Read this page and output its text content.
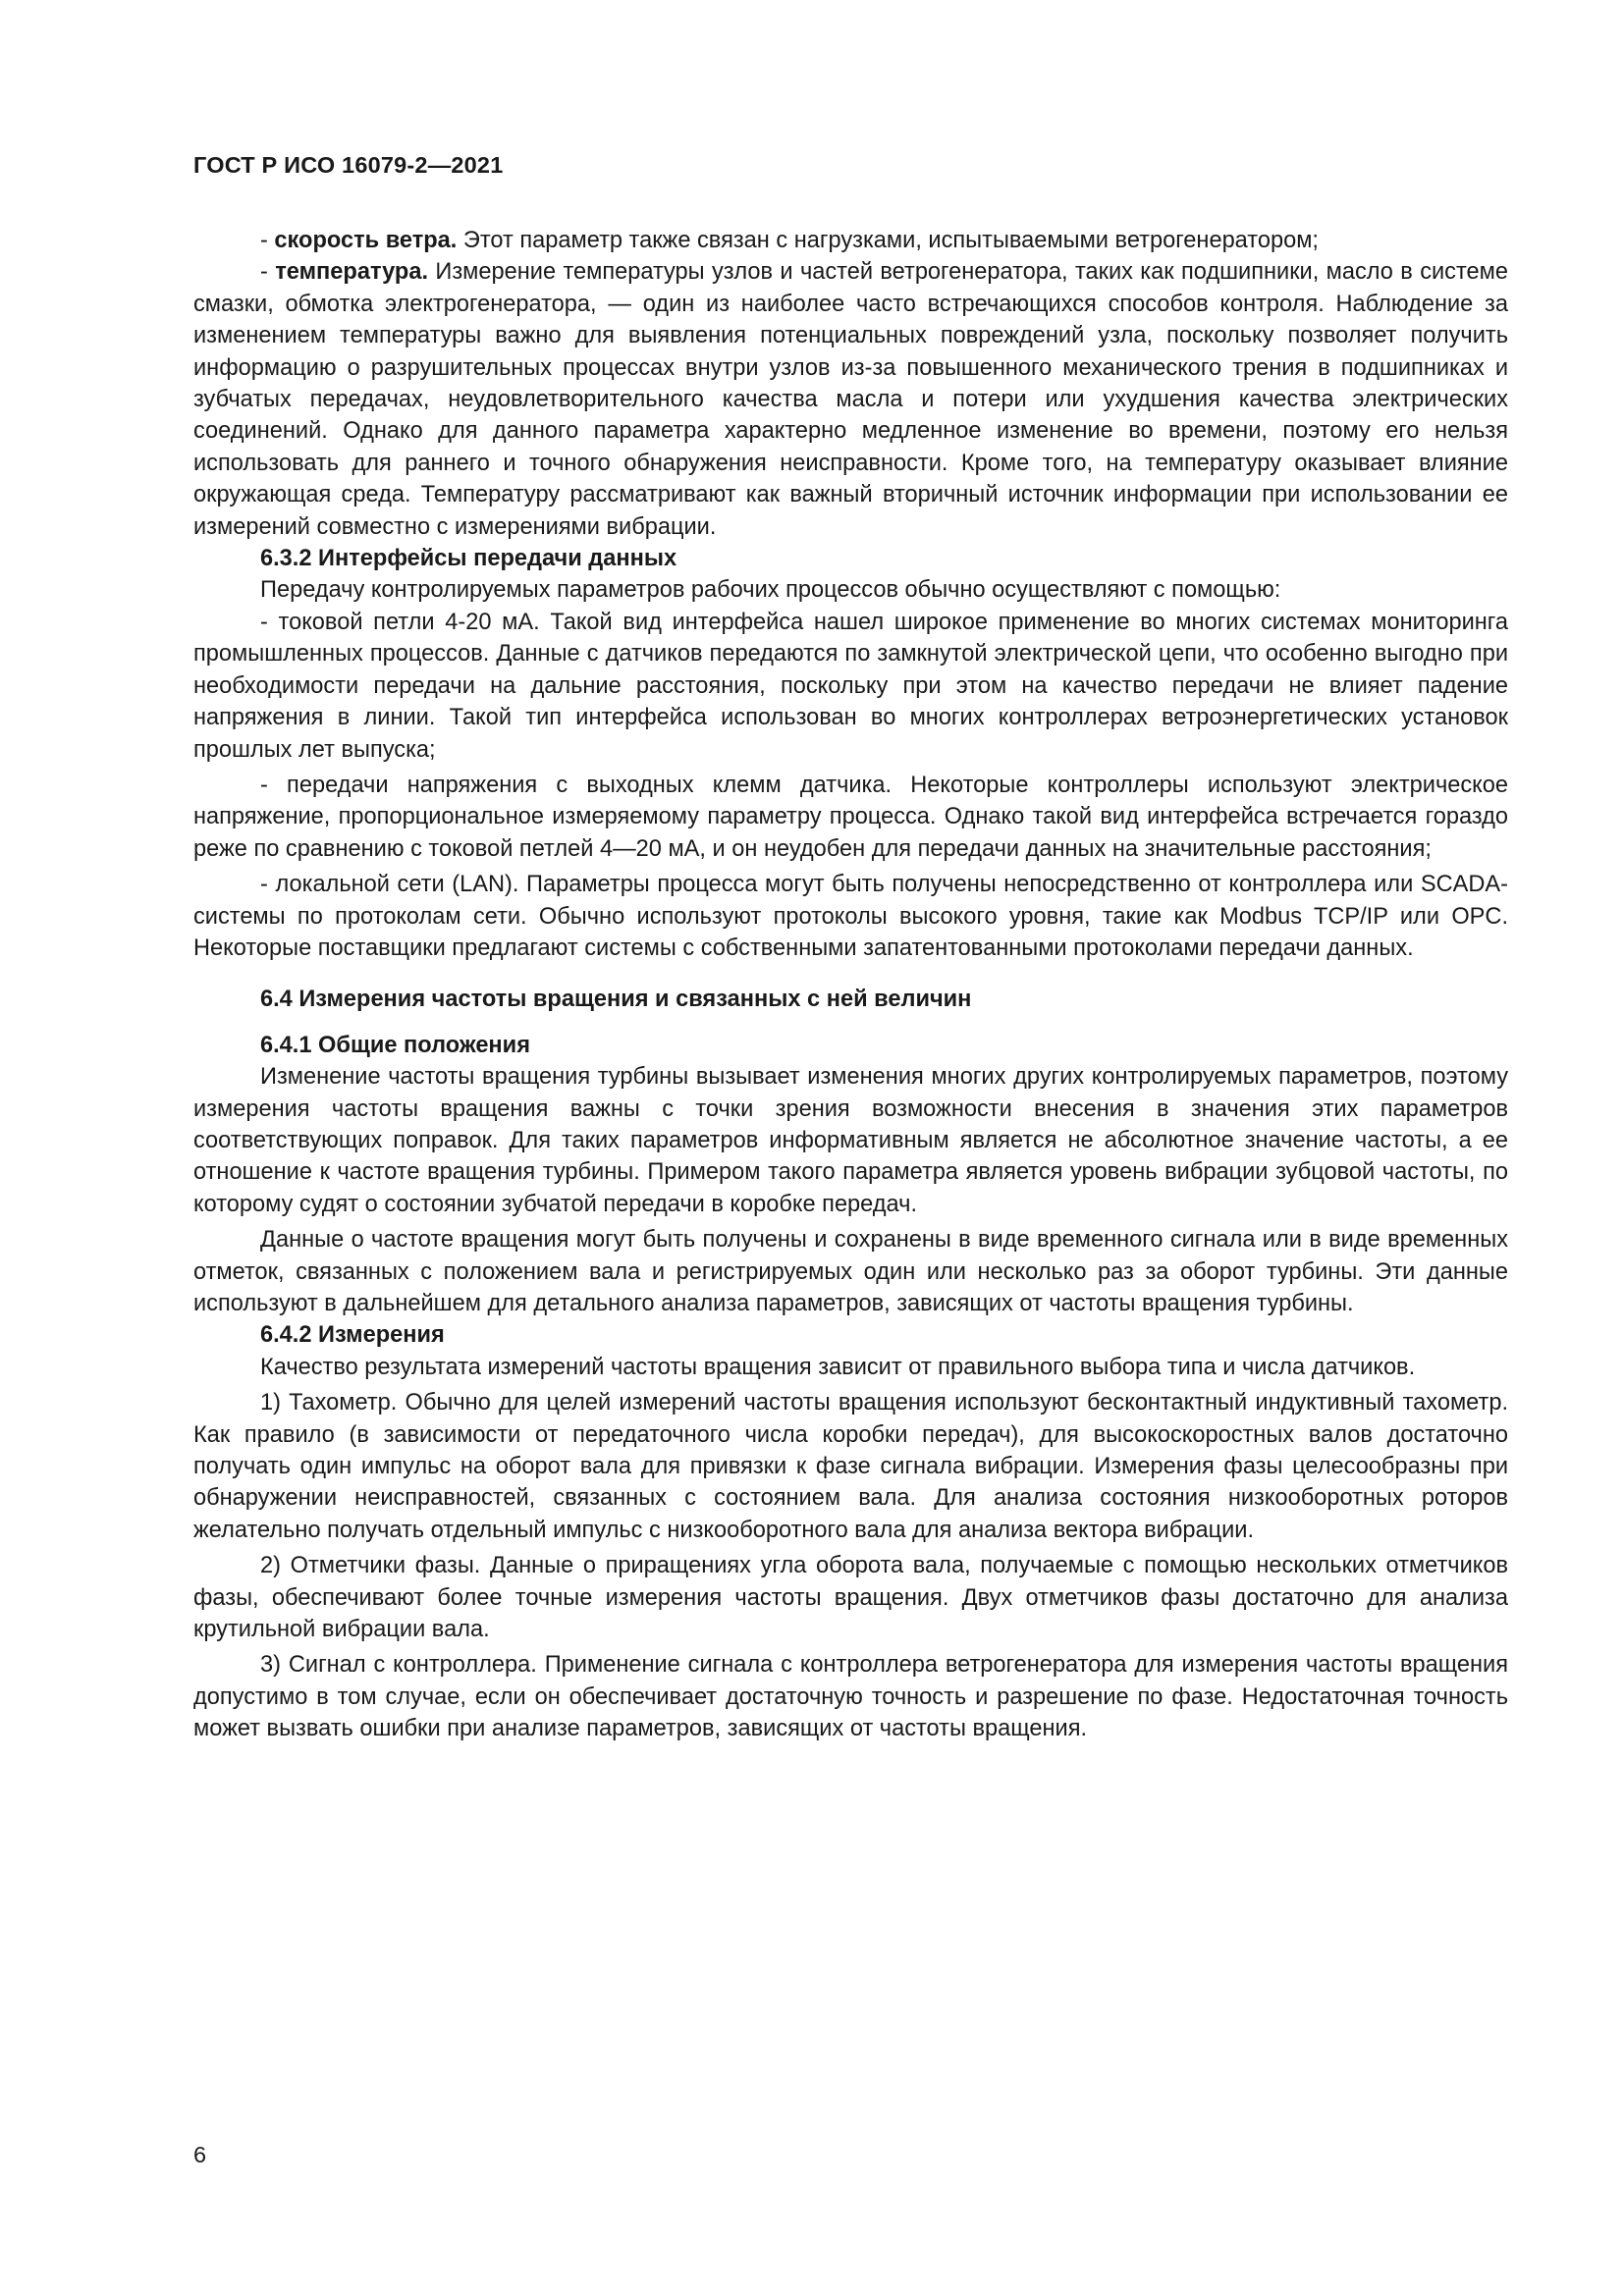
ГОСТ Р ИСО 16079-2—2021

- скорость ветра. Этот параметр также связан с нагрузками, испытываемыми ветрогенератором;

- температура. Измерение температуры узлов и частей ветрогенератора, таких как подшипники, масло в системе смазки, обмотка электрогенератора, — один из наиболее часто встречающихся способов контроля. Наблюдение за изменением температуры важно для выявления потенциальных повреждений узла, поскольку позволяет получить информацию о разрушительных процессах внутри узлов из-за повышенного механического трения в подшипниках и зубчатых передачах, неудовлетворительного качества масла и потери или ухудшения качества электрических соединений. Однако для данного параметра характерно медленное изменение во времени, поэтому его нельзя использовать для раннего и точного обнаружения неисправности. Кроме того, на температуру оказывает влияние окружающая среда. Температуру рассматривают как важный вторичный источник информации при использовании ее измерений совместно с измерениями вибрации.

6.3.2 Интерфейсы передачи данных

Передачу контролируемых параметров рабочих процессов обычно осуществляют с помощью:

- токовой петли 4-20 мА. Такой вид интерфейса нашел широкое применение во многих системах мониторинга промышленных процессов. Данные с датчиков передаются по замкнутой электрической цепи, что особенно выгодно при необходимости передачи на дальние расстояния, поскольку при этом на качество передачи не влияет падение напряжения в линии. Такой тип интерфейса использован во многих контроллерах ветроэнергетических установок прошлых лет выпуска;

- передачи напряжения с выходных клемм датчика. Некоторые контроллеры используют электрическое напряжение, пропорциональное измеряемому параметру процесса. Однако такой вид интерфейса встречается гораздо реже по сравнению с токовой петлей 4—20 мА, и он неудобен для передачи данных на значительные расстояния;

- локальной сети (LAN). Параметры процесса могут быть получены непосредственно от контроллера или SCADA-системы по протоколам сети. Обычно используют протоколы высокого уровня, такие как Modbus TCP/IP или OPC. Некоторые поставщики предлагают системы с собственными запатентованными протоколами передачи данных.

6.4 Измерения частоты вращения и связанных с ней величин

6.4.1 Общие положения

Изменение частоты вращения турбины вызывает изменения многих других контролируемых параметров, поэтому измерения частоты вращения важны с точки зрения возможности внесения в значения этих параметров соответствующих поправок. Для таких параметров информативным является не абсолютное значение частоты, а ее отношение к частоте вращения турбины. Примером такого параметра является уровень вибрации зубцовой частоты, по которому судят о состоянии зубчатой передачи в коробке передач.

Данные о частоте вращения могут быть получены и сохранены в виде временного сигнала или в виде временных отметок, связанных с положением вала и регистрируемых один или несколько раз за оборот турбины. Эти данные используют в дальнейшем для детального анализа параметров, зависящих от частоты вращения турбины.

6.4.2 Измерения

Качество результата измерений частоты вращения зависит от правильного выбора типа и числа датчиков.

1) Тахометр. Обычно для целей измерений частоты вращения используют бесконтактный индуктивный тахометр. Как правило (в зависимости от передаточного числа коробки передач), для высокоскоростных валов достаточно получать один импульс на оборот вала для привязки к фазе сигнала вибрации. Измерения фазы целесообразны при обнаружении неисправностей, связанных с состоянием вала. Для анализа состояния низкооборотных роторов желательно получать отдельный импульс с низкооборотного вала для анализа вектора вибрации.

2) Отметчики фазы. Данные о приращениях угла оборота вала, получаемые с помощью нескольких отметчиков фазы, обеспечивают более точные измерения частоты вращения. Двух отметчиков фазы достаточно для анализа крутильной вибрации вала.

3) Сигнал с контроллера. Применение сигнала с контроллера ветрогенератора для измерения частоты вращения допустимо в том случае, если он обеспечивает достаточную точность и разрешение по фазе. Недостаточная точность может вызвать ошибки при анализе параметров, зависящих от частоты вращения.

6
